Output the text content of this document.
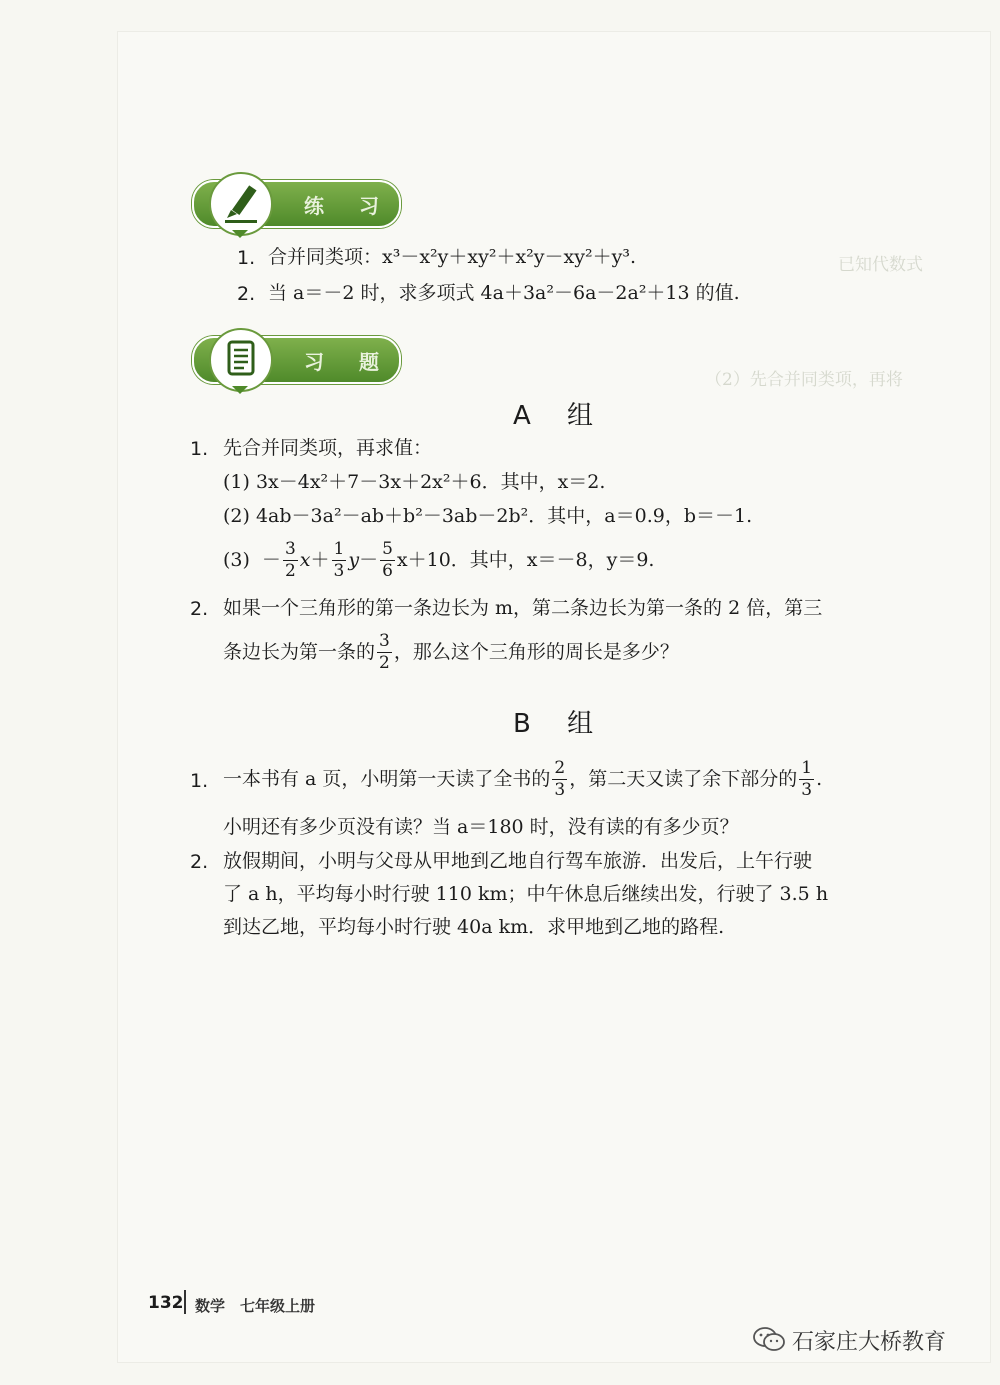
已知代数式
（2）先合并同类项，再将
练 习
1. 合并同类项：x³－x²y＋xy²＋x²y－xy²＋y³.
2. 当 a＝－2 时，求多项式 4a＋3a²－6a－2a²＋13 的值.
习 题
A 组
1. 先合并同类项，再求值：
(1) 3x－4x²＋7－3x＋2x²＋6．其中，x＝2.
(2) 4ab－3a²－ab＋b²－3ab－2b²．其中，a＝0.9，b＝－1.
$(3) - \frac{3}{2} x+ \frac{1}{3} y- \frac{5}{6} x+10$．其中，x＝－8，y＝9.
2. 如果一个三角形的第一条边长为 m，第二条边长为第一条的 2 倍，第三
条边长为第一条的 $\frac{3}{2}$ ，那么这个三角形的周长是多少？
B 组
1. 一本书有 a 页，小明第一天读了全书的 $\frac{2}{3}$ ，第二天又读了余下部分的 $\frac{1}{3}$ .
小明还有多少页没有读？当 a＝180 时，没有读的有多少页？
2. 放假期间，小明与父母从甲地到乙地自行驾车旅游．出发后，上午行驶
了 a h，平均每小时行驶 110 km；中午休息后继续出发，行驶了 3.5 h
到达乙地，平均每小时行驶 40a km．求甲地到乙地的路程.
132 数学　七年级上册
石家庄大桥教育
